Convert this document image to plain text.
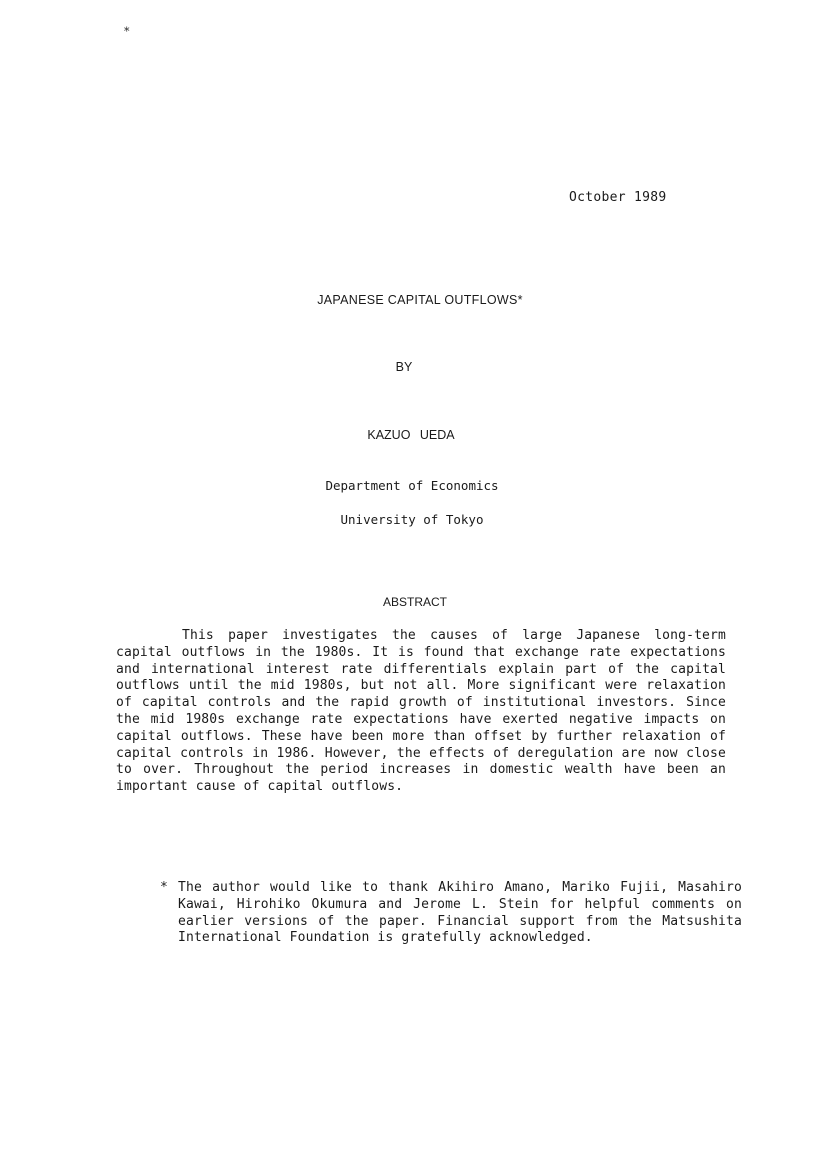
*
October 1989
JAPANESE CAPITAL OUTFLOWS*
BY
KAZUO UEDA
Department of Economics
University of Tokyo
ABSTRACT
This paper investigates the causes of large Japanese long-term capital outflows in the 1980s. It is found that exchange rate expectations and international interest rate differentials explain part of the capital outflows until the mid 1980s, but not all. More significant were relaxation of capital controls and the rapid growth of institutional investors. Since the mid 1980s exchange rate expectations have exerted negative impacts on capital outflows. These have been more than offset by further relaxation of capital controls in 1986. However, the effects of deregulation are now close to over. Throughout the period increases in domestic wealth have been an important cause of capital outflows.
* The author would like to thank Akihiro Amano, Mariko Fujii, Masahiro Kawai, Hirohiko Okumura and Jerome L. Stein for helpful comments on earlier versions of the paper. Financial support from the Matsushita International Foundation is gratefully acknowledged.
